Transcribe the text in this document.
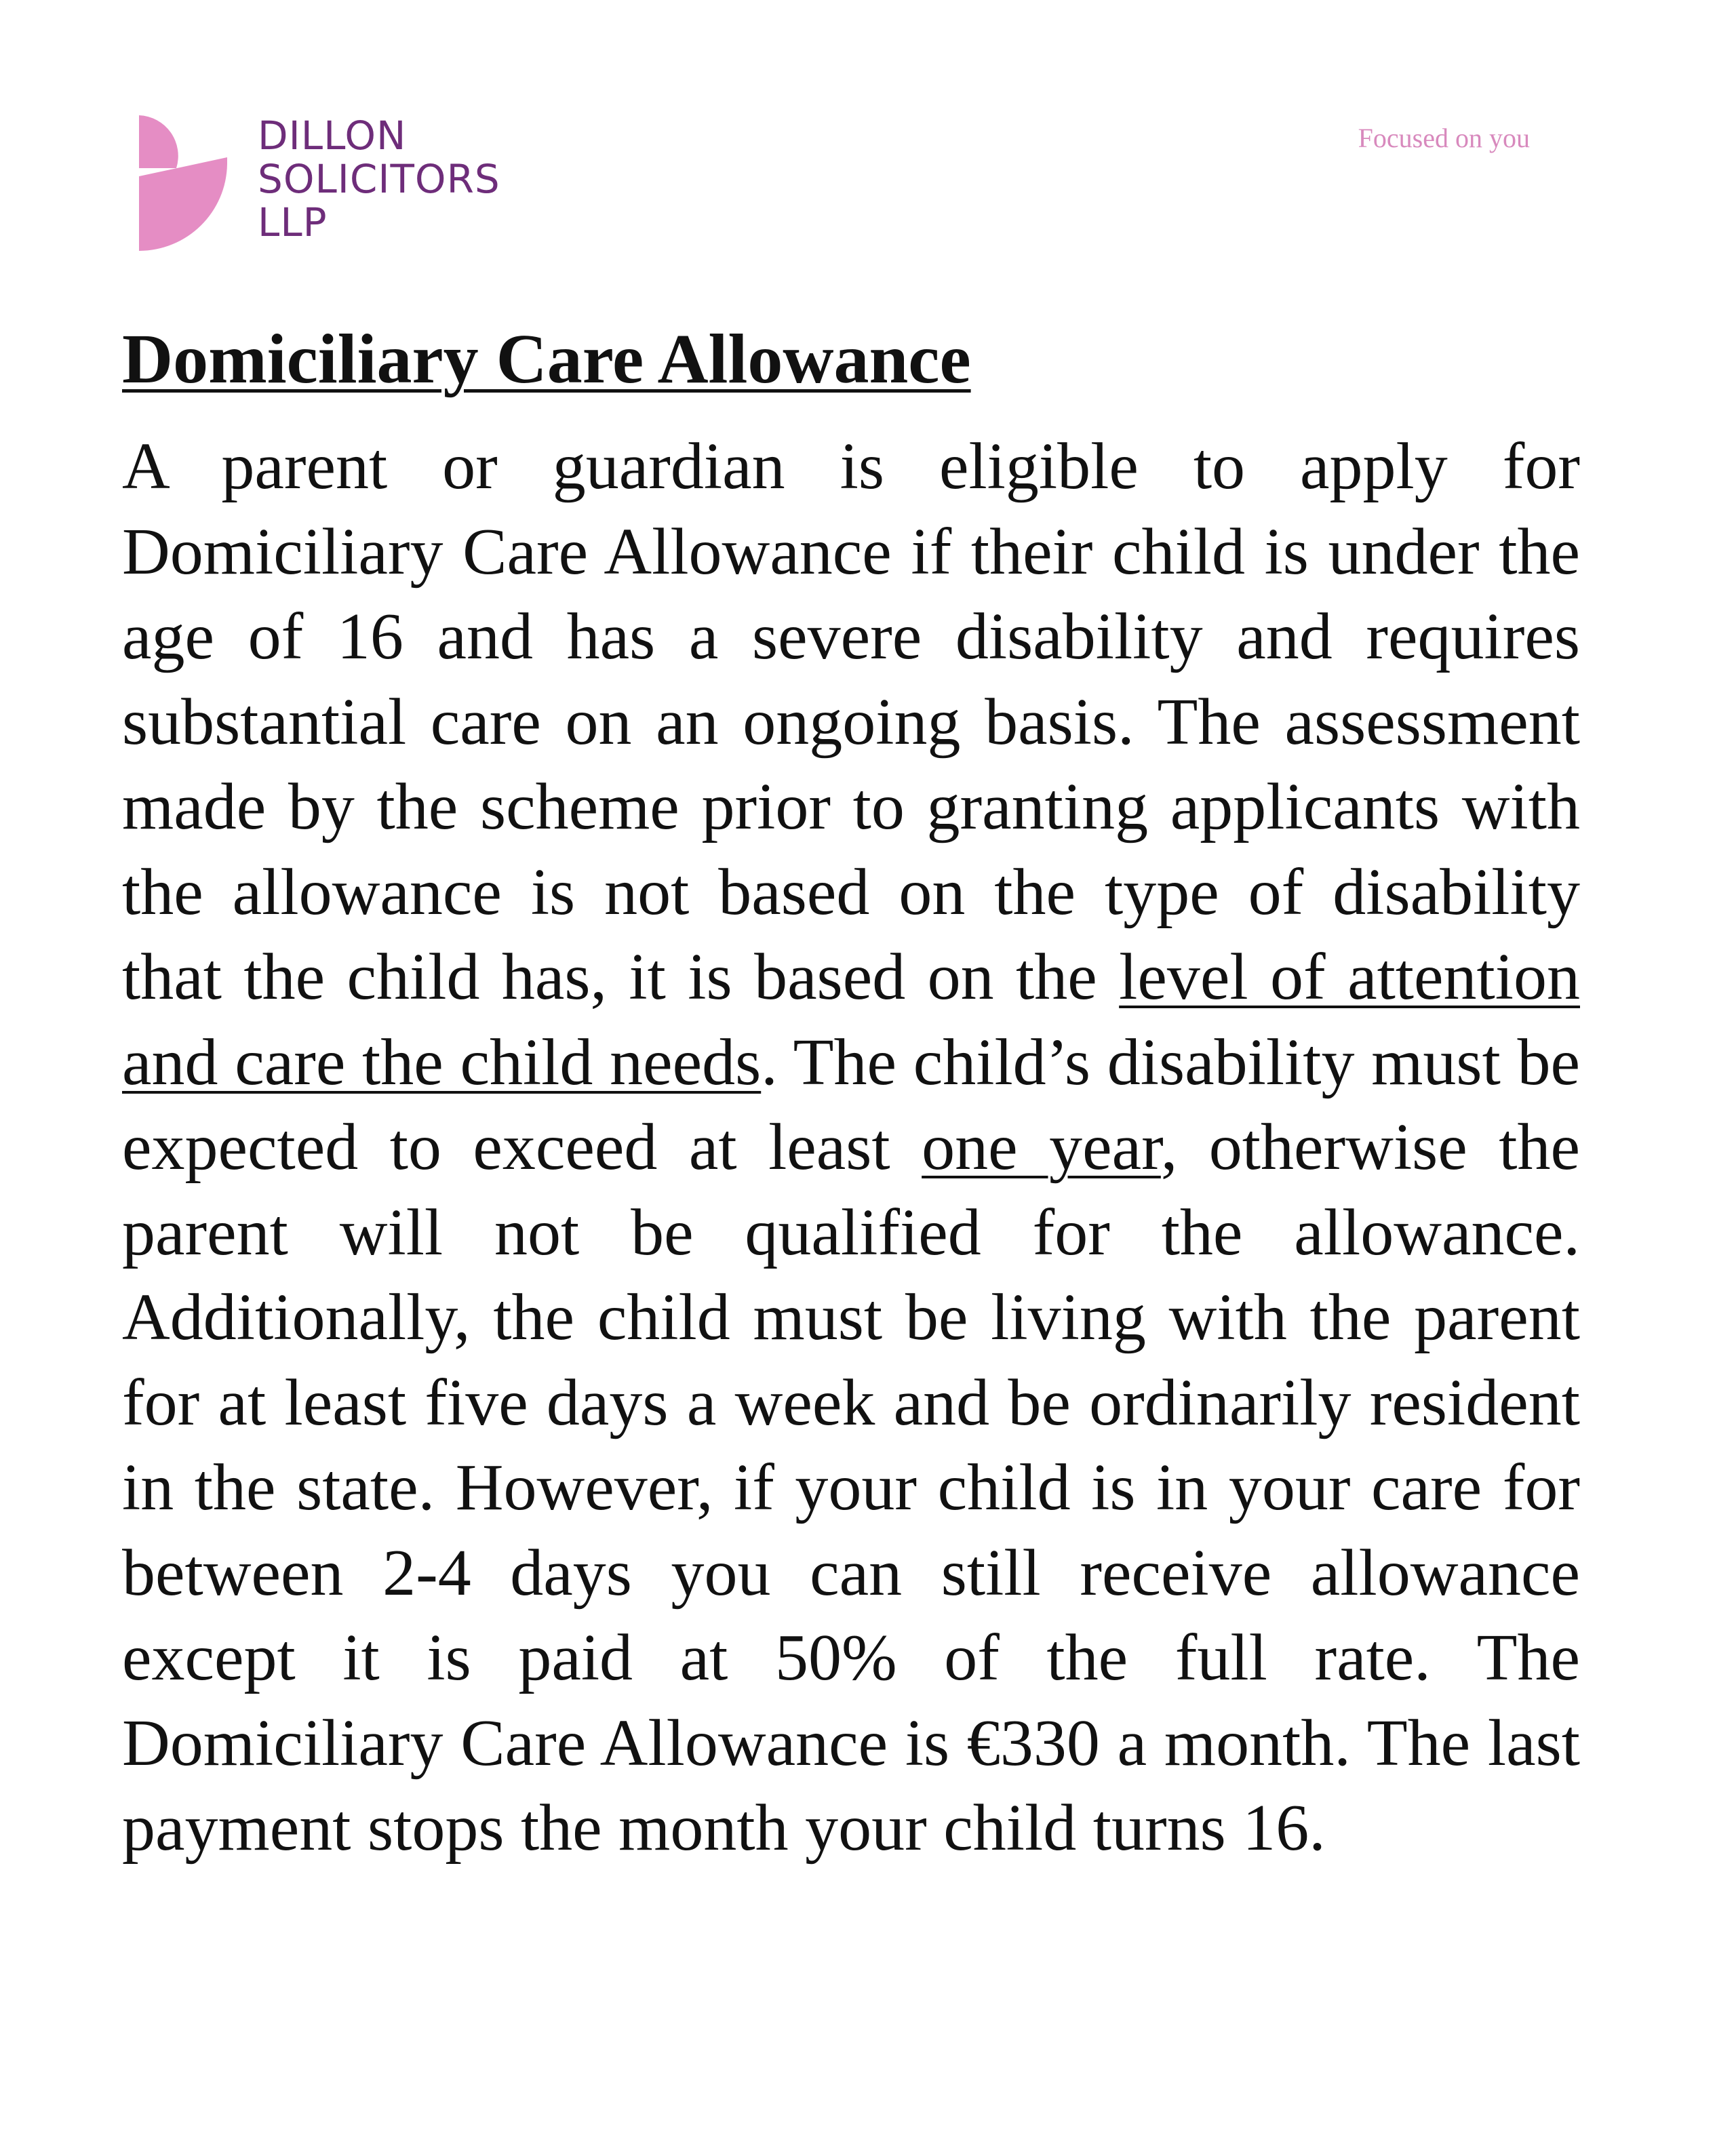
DILLON
SOLICITORS
LLP
Focused on you
Domiciliary Care Allowance

A parent or guardian is eligible to apply for Domiciliary Care Allowance if their child is under the age of 16 and has a severe disability and requires substantial care on an ongoing basis. The assessment made by the scheme prior to granting applicants with the allowance is not based on the type of disability that the child has, it is based on the level of attention and care the child needs. The child’s disability must be expected to exceed at least one year, otherwise the parent will not be qualified for the allowance. Additionally, the child must be living with the parent for at least five days a week and be ordinarily resident in the state. However, if your child is in your care for between 2-4 days you can still receive allowance except it is paid at 50% of the full rate. The Domiciliary Care Allowance is €330 a month. The last payment stops the month your child turns 16.
